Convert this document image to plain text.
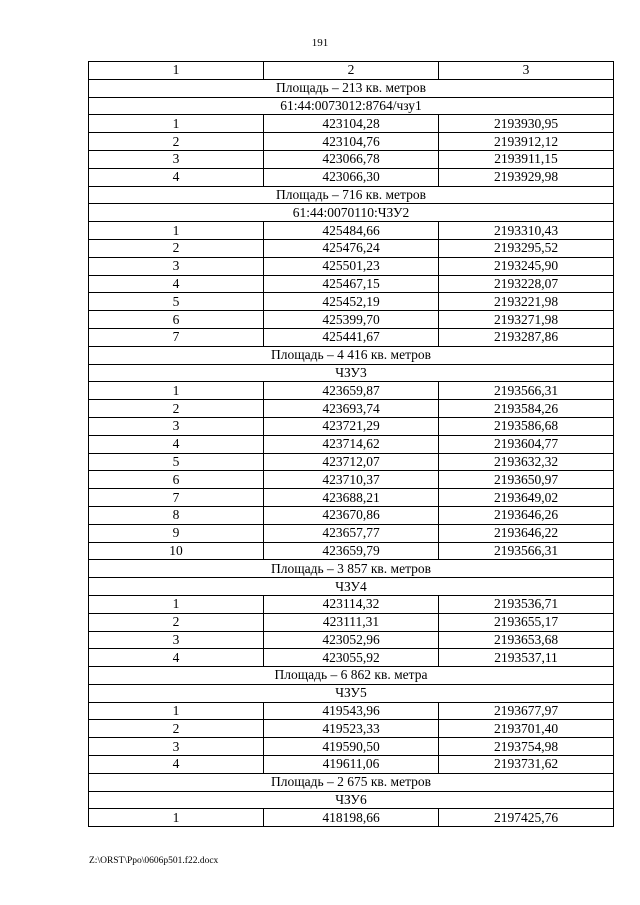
191
1	2	3
Площадь – 213 кв. метров		
61:44:0073012:8764/чзу1		
1	423104,28	2193930,95
2	423104,76	2193912,12
3	423066,78	2193911,15
4	423066,30	2193929,98
Площадь – 716 кв. метров		
61:44:0070110:ЧЗУ2		
1	425484,66	2193310,43
2	425476,24	2193295,52
3	425501,23	2193245,90
4	425467,15	2193228,07
5	425452,19	2193221,98
6	425399,70	2193271,98
7	425441,67	2193287,86
Площадь – 4 416 кв. метров		
ЧЗУ3		
1	423659,87	2193566,31
2	423693,74	2193584,26
3	423721,29	2193586,68
4	423714,62	2193604,77
5	423712,07	2193632,32
6	423710,37	2193650,97
7	423688,21	2193649,02
8	423670,86	2193646,26
9	423657,77	2193646,22
10	423659,79	2193566,31
Площадь – 3 857 кв. метров		
ЧЗУ4		
1	423114,32	2193536,71
2	423111,31	2193655,17
3	423052,96	2193653,68
4	423055,92	2193537,11
Площадь – 6 862 кв. метра		
ЧЗУ5		
1	419543,96	2193677,97
2	419523,33	2193701,40
3	419590,50	2193754,98
4	419611,06	2193731,62
Площадь – 2 675 кв. метров		
ЧЗУ6		
1	418198,66	2197425,76
Z:\ORST\Ppo\0606p501.f22.docx
